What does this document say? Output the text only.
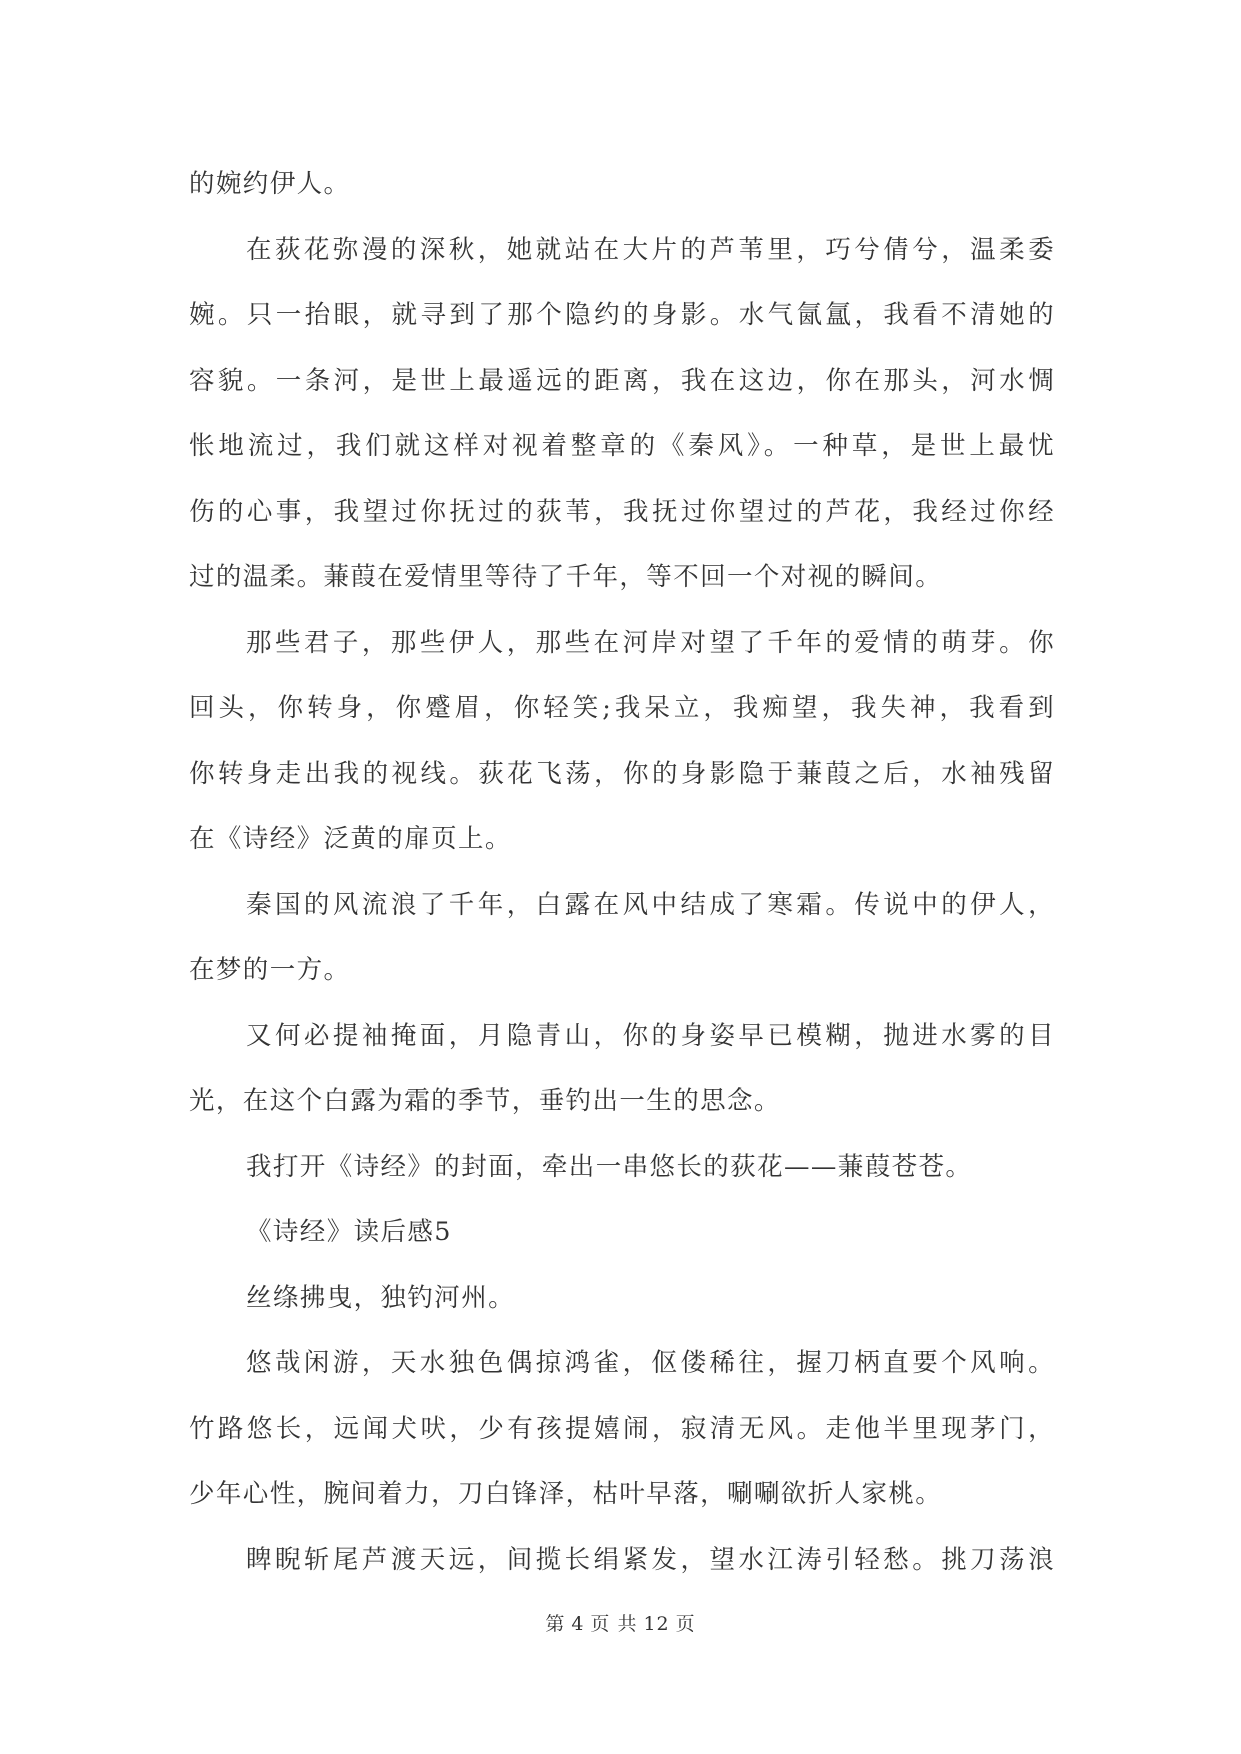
的婉约伊人。
在荻花弥漫的深秋，她就站在大片的芦苇里，巧兮倩兮，温柔委
婉。只一抬眼，就寻到了那个隐约的身影。水气氤氲，我看不清她的
容貌。一条河，是世上最遥远的距离，我在这边，你在那头，河水惆
怅地流过，我们就这样对视着整章的《秦风》。一种草，是世上最忧
伤的心事，我望过你抚过的荻苇，我抚过你望过的芦花，我经过你经
过的温柔。蒹葭在爱情里等待了千年，等不回一个对视的瞬间。
那些君子，那些伊人，那些在河岸对望了千年的爱情的萌芽。你
回头，你转身，你蹙眉，你轻笑;我呆立，我痴望，我失神，我看到
你转身走出我的视线。荻花飞荡，你的身影隐于蒹葭之后，水袖残留
在《诗经》泛黄的扉页上。
秦国的风流浪了千年，白露在风中结成了寒霜。传说中的伊人，
在梦的一方。
又何必提袖掩面，月隐青山，你的身姿早已模糊，抛进水雾的目
光，在这个白露为霜的季节，垂钓出一生的思念。
我打开《诗经》的封面，牵出一串悠长的荻花——蒹葭苍苍。
《诗经》读后感5
丝绦拂曳，独钓河州。
悠哉闲游，天水独色偶掠鸿雀，伛偻稀往，握刀柄直要个风响。
竹路悠长，远闻犬吠，少有孩提嬉闹，寂清无风。走他半里现茅门，
少年心性，腕间着力，刀白锋泽，枯叶早落，唰唰欲折人家桃。
睥睨斩尾芦渡天远，间揽长绢紧发，望水江涛引轻愁。挑刀荡浪
第 4 页 共 12 页
